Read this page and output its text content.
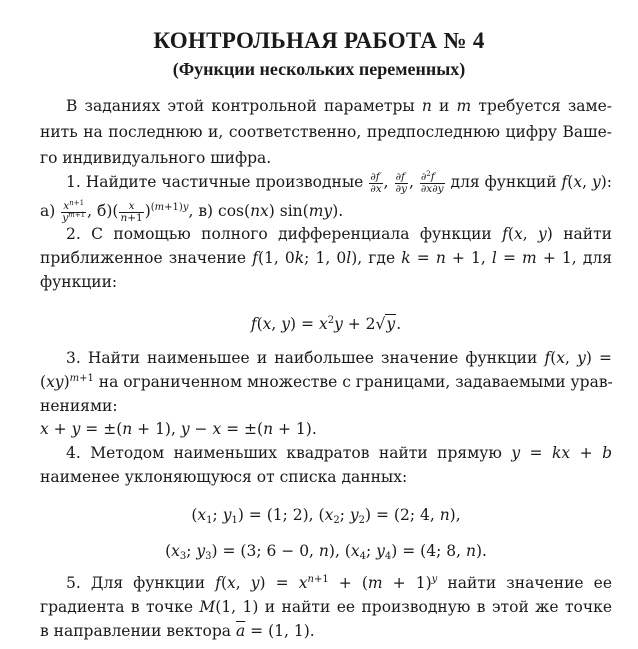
КОНТРОЛЬНАЯ РАБОТА № 4
(Функции нескольких переменных)
В заданиях этой контрольной параметры n и m требуется заме-
нить на последнюю и, соответственно, предпоследнюю цифру Ваше-
го индивидуального шифра.
1. Найдите частичные производные $\frac{\partial f}{\partial x}$ , $\frac{\partial f}{\partial y}$ , $\frac{\partial^2f}{\partial x\partial y}$ для функций f(x, y):
$а) \frac{x^{n+1}}{y^{m+1}}$ , $б)( \frac{x}{n+1} )^{(m+1)y}$, в) cos(nx) sin(my).
2. С помощью полного дифференциала функции f(x, y) найти
приближенное значение f(1, 0k; 1, 0l), где k = n + 1, l = m + 1, для
функции:
f(x, $y) = x^2y + 2√y$.
3. Найти наименьшее и наибольшее значение функции f(x, y) =
(xy)$^{m+1}$ на ограниченном множестве с границами, задаваемыми урав-
нениями:
x + y = ±(n + 1), y − x = ±(n + 1).
4. Методом наименьших квадратов найти прямую y = kx + b
наименее уклоняющуюся от списка данных:
($x_1$; $y_1) = (1$; 2), ($x_2$; $y_2) = (2$; 4, n),
($x_3$; $y_3) = (3$; 6 − 0, n), ($x_4$; $y_4) = (4$; 8, n).
5. Для функции f(x, $y) = x^{n+1} + (m + 1)^y$ найти значение ее
градиента в точке M(1, 1) и найти ее производную в этой же точке
в направлении вектора $\overline{a} = (1$, 1).
